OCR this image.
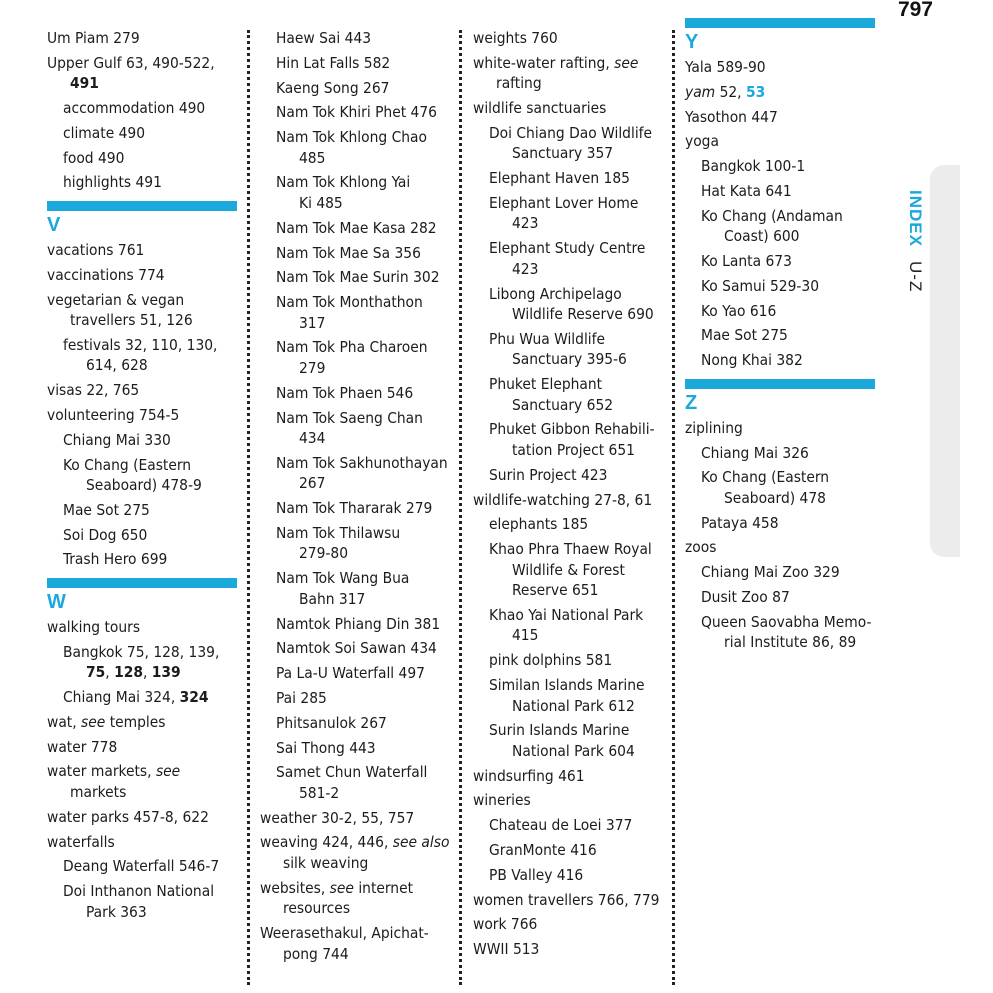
797
Um Piam 279
Upper Gulf 63, 490-522,
491
accommodation 490
climate 490
food 490
highlights 491
V
vacations 761
vaccinations 774
vegetarian & vegan
travellers 51, 126
festivals 32, 110, 130,
614, 628
visas 22, 765
volunteering 754-5
Chiang Mai 330
Ko Chang (Eastern
Seaboard) 478-9
Mae Sot 275
Soi Dog 650
Trash Hero 699
W
walking tours
Bangkok 75, 128, 139,
75, 128, 139
Chiang Mai 324, 324
wat, see temples
water 778
water markets, see
markets
water parks 457-8, 622
waterfalls
Deang Waterfall 546-7
Doi Inthanon National
Park 363
Haew Sai 443
Hin Lat Falls 582
Kaeng Song 267
Nam Tok Khiri Phet 476
Nam Tok Khlong Chao
485
Nam Tok Khlong Yai
Ki 485
Nam Tok Mae Kasa 282
Nam Tok Mae Sa 356
Nam Tok Mae Surin 302
Nam Tok Monthathon
317
Nam Tok Pha Charoen
279
Nam Tok Phaen 546
Nam Tok Saeng Chan
434
Nam Tok Sakhunothayan
267
Nam Tok Thararak 279
Nam Tok Thilawsu
279-80
Nam Tok Wang Bua
Bahn 317
Namtok Phiang Din 381
Namtok Soi Sawan 434
Pa La-U Waterfall 497
Pai 285
Phitsanulok 267
Sai Thong 443
Samet Chun Waterfall
581-2
weather 30-2, 55, 757
weaving 424, 446, see also
silk weaving
websites, see internet
resources
Weerasethakul, Apichat-
pong 744
weights 760
white-water rafting, see
rafting
wildlife sanctuaries
Doi Chiang Dao Wildlife
Sanctuary 357
Elephant Haven 185
Elephant Lover Home
423
Elephant Study Centre
423
Libong Archipelago
Wildlife Reserve 690
Phu Wua Wildlife
Sanctuary 395-6
Phuket Elephant
Sanctuary 652
Phuket Gibbon Rehabili-
tation Project 651
Surin Project 423
wildlife-watching 27-8, 61
elephants 185
Khao Phra Thaew Royal
Wildlife & Forest
Reserve 651
Khao Yai National Park
415
pink dolphins 581
Similan Islands Marine
National Park 612
Surin Islands Marine
National Park 604
windsurfing 461
wineries
Chateau de Loei 377
GranMonte 416
PB Valley 416
women travellers 766, 779
work 766
WWII 513
Y
Yala 589-90
yam 52, 53
Yasothon 447
yoga
Bangkok 100-1
Hat Kata 641
Ko Chang (Andaman
Coast) 600
Ko Lanta 673
Ko Samui 529-30
Ko Yao 616
Mae Sot 275
Nong Khai 382
Z
ziplining
Chiang Mai 326
Ko Chang (Eastern
Seaboard) 478
Pataya 458
zoos
Chiang Mai Zoo 329
Dusit Zoo 87
Queen Saovabha Memo-
rial Institute 86, 89
INDEX U-Z
